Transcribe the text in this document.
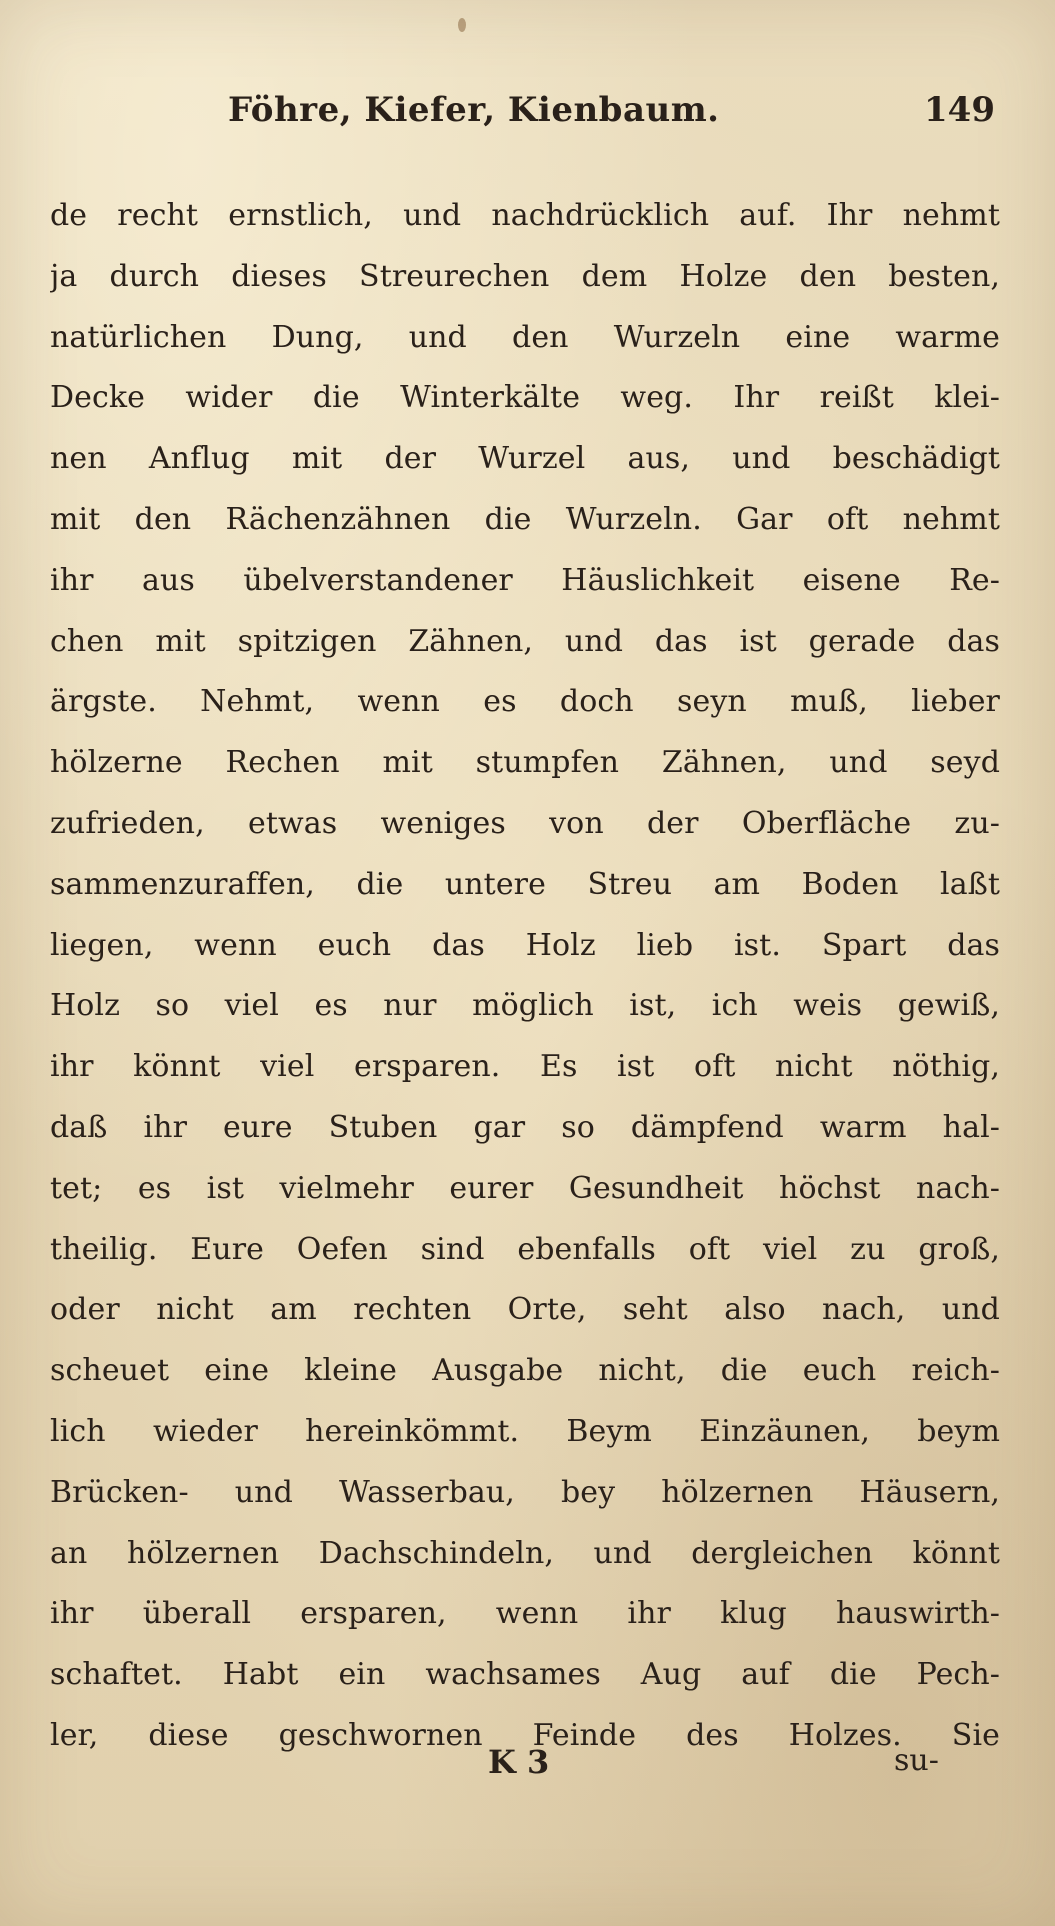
Föhre, Kiefer, Kienbaum.	149
de recht ernstlich, und nachdrücklich auf. Ihr nehmt
ja durch dieses Streurechen dem Holze den besten,
natürlichen Dung, und den Wurzeln eine warme
Decke wider die Winterkälte weg. Ihr reißt klei-
nen Anflug mit der Wurzel aus, und beschädigt
mit den Rächenzähnen die Wurzeln. Gar oft nehmt
ihr aus übelverstandener Häuslichkeit eisene Re-
chen mit spitzigen Zähnen, und das ist gerade das
ärgste. Nehmt, wenn es doch seyn muß, lieber
hölzerne Rechen mit stumpfen Zähnen, und seyd
zufrieden, etwas weniges von der Oberfläche zu-
sammenzuraffen, die untere Streu am Boden laßt
liegen, wenn euch das Holz lieb ist. Spart das
Holz so viel es nur möglich ist, ich weis gewiß,
ihr könnt viel ersparen. Es ist oft nicht nöthig,
daß ihr eure Stuben gar so dämpfend warm hal-
tet; es ist vielmehr eurer Gesundheit höchst nach-
theilig. Eure Oefen sind ebenfalls oft viel zu groß,
oder nicht am rechten Orte, seht also nach, und
scheuet eine kleine Ausgabe nicht, die euch reich-
lich wieder hereinkömmt. Beym Einzäunen, beym
Brücken- und Wasserbau, bey hölzernen Häusern,
an hölzernen Dachschindeln, und dergleichen könnt
ihr überall ersparen, wenn ihr klug hauswirth-
schaftet. Habt ein wachsames Aug auf die Pech-
ler, diese geschwornen Feinde des Holzes. Sie
K 3	su-
